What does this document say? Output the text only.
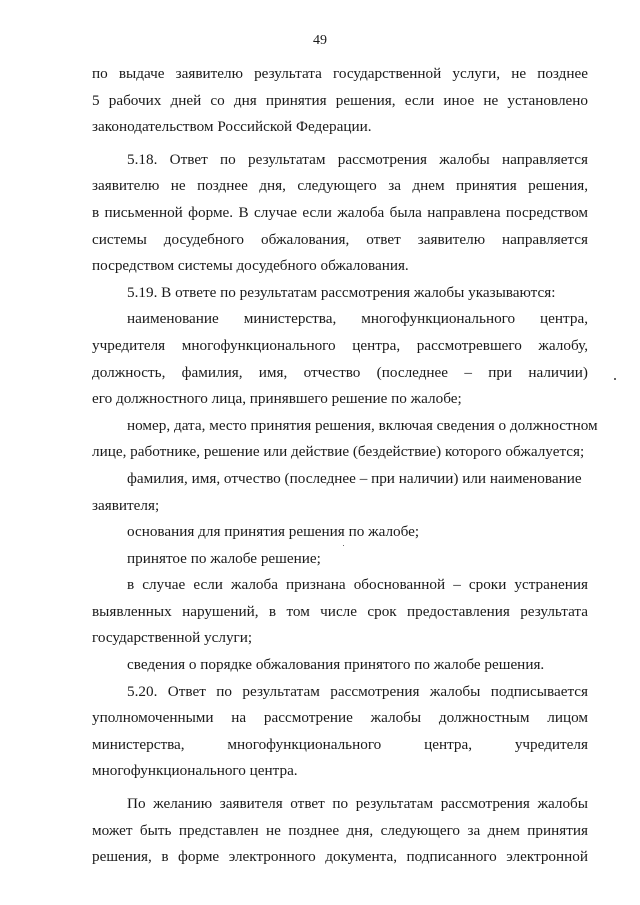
49
по выдаче заявителю результата государственной услуги, не позднее
5 рабочих дней со дня принятия решения, если иное не установлено
законодательством Российской Федерации.
5.18. Ответ по результатам рассмотрения жалобы направляется
заявителю не позднее дня, следующего за днем принятия решения,
в письменной форме. В случае если жалоба была направлена посредством
системы досудебного обжалования, ответ заявителю направляется
посредством системы досудебного обжалования.
5.19. В ответе по результатам рассмотрения жалобы указываются:
наименование министерства, многофункционального центра,
учредителя многофункционального центра, рассмотревшего жалобу,
должность, фамилия, имя, отчество (последнее – при наличии)
его должностного лица, принявшего решение по жалобе;
номер, дата, место принятия решения, включая сведения о должностном
лице, работнике, решение или действие (бездействие) которого обжалуется;
фамилия, имя, отчество (последнее – при наличии) или наименование
заявителя;
основания для принятия решения по жалобе;
принятое по жалобе решение;
в случае если жалоба признана обоснованной – сроки устранения
выявленных нарушений, в том числе срок предоставления результата
государственной услуги;
сведения о порядке обжалования принятого по жалобе решения.
5.20. Ответ по результатам рассмотрения жалобы подписывается
уполномоченными на рассмотрение жалобы должностным лицом
министерства, многофункционального центра, учредителя
многофункционального центра.
По желанию заявителя ответ по результатам рассмотрения жалобы
может быть представлен не позднее дня, следующего за днем принятия
решения, в форме электронного документа, подписанного электронной
